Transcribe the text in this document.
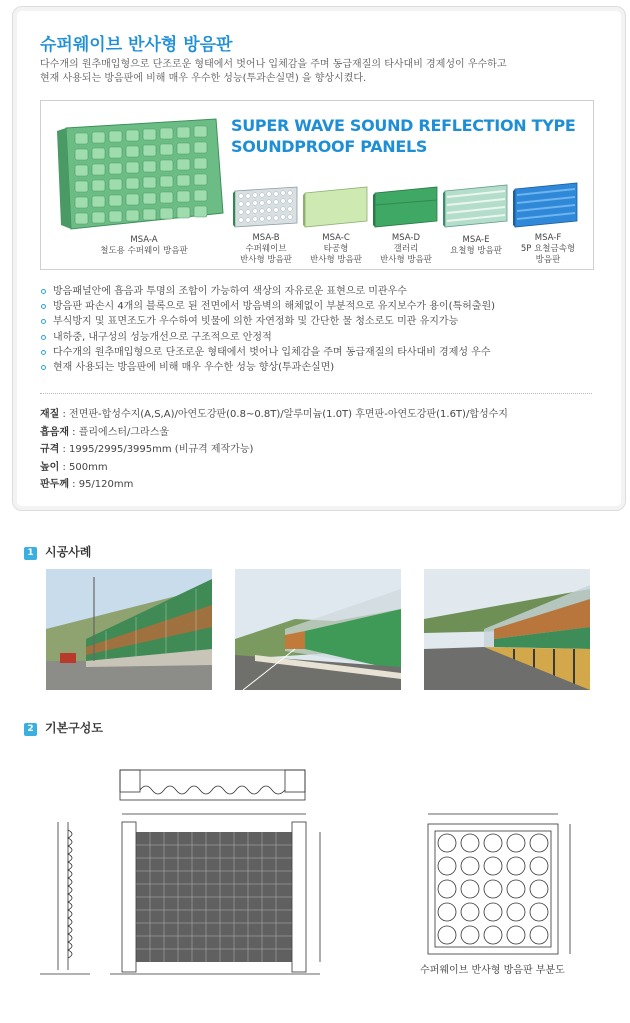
슈퍼웨이브 반사형 방음판
다수개의 원추매입형으로 단조로운 형태에서 벗어나 입체감을 주며 동급재질의 타사대비 경제성이 우수하고
현재 사용되는 방음판에 비해 매우 우수한 성능(투과손실면) 을 향상시켰다.
MSA-A
철도용 수퍼웨이 방음판
SUPER WAVE SOUND REFLECTION TYPE
SOUNDPROOF PANELS
MSA-B
수퍼웨이브
반사형 방음판
MSA-C
타공형
반사형 방음판
MSA-D
갤러리
반사형 방음판
MSA-E
요철형 방음판
MSA-F
5P 요철금속형
방음판
방음패널안에 흡음과 투명의 조합이 가능하여 색상의 자유로운 표현으로 미관우수
방음판 파손시 4개의 블록으로 된 전면에서 방음벽의 해체없이 부분적으로 유지보수가 용이(특허출원)
부식방지 및 표면조도가 우수하여 빗물에 의한 자연정화 및 간단한 물 청소로도 미관 유지가능
내하중, 내구성의 성능개선으로 구조적으로 안정적
다수개의 원추매입형으로 단조로운 형태에서 벗어나 입체감을 주며 동급재질의 타사대비 경제성 우수
현재 사용되는 방음판에 비해 매우 우수한 성능 향상(투과손실면)
재질 : 전면판-합성수지(A,S,A)/아연도강판(0.8~0.8T)/알루미늄(1.0T) 후면판-아연도강판(1.6T)/합성수지
흡음재 : 플리에스터/그라스울
규격 : 1995/2995/3995mm (비규격 제작가능)
높이 : 500mm
판두께 : 95/120mm
1 시공사례
2 기본구성도
수퍼웨이브 반사형 방음판 부분도
